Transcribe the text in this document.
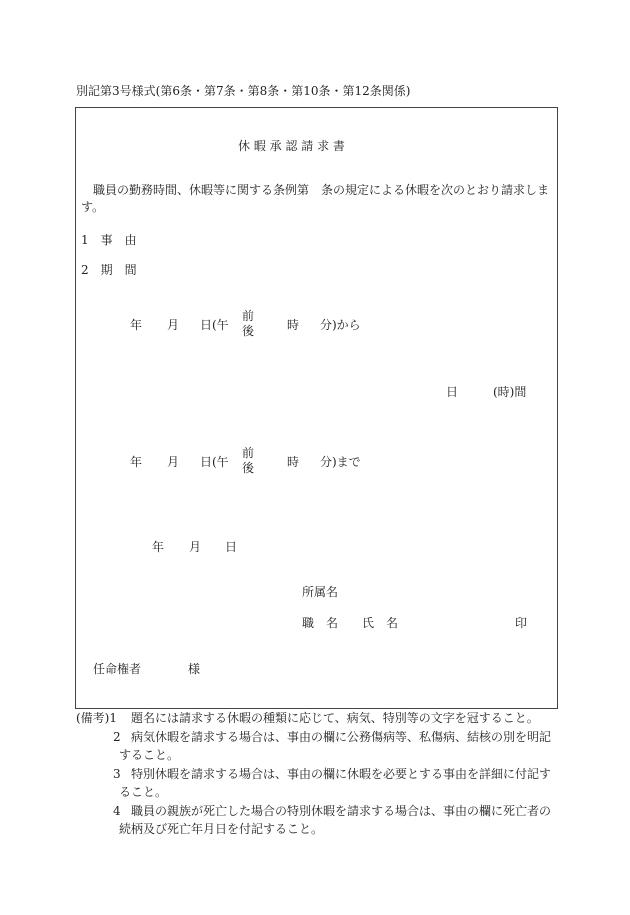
別記第3号様式(第6条・第7条・第8条・第10条・第12条関係)
休 暇 承 認 請 求 書
職員の勤務時間、休暇等に関する条例第　条の規定による休暇を次のとおり請求しま
す。
1　事　由
2　期　間
年 月 日(午
前
後	時 分)から
日	(時)間
年 月 日(午
前
後	時 分)まで
年 月 日
所属名
職　名 氏　名	印
任命権者	様
(備考)1 題名には請求する休暇の種類に応じて、病気、特別等の文字を冠すること。
2 病気休暇を請求する場合は、事由の欄に公務傷病等、私傷病、結核の別を明記
すること。
3 特別休暇を請求する場合は、事由の欄に休暇を必要とする事由を詳細に付記す
ること。
4 職員の親族が死亡した場合の特別休暇を請求する場合は、事由の欄に死亡者の
続柄及び死亡年月日を付記すること。
